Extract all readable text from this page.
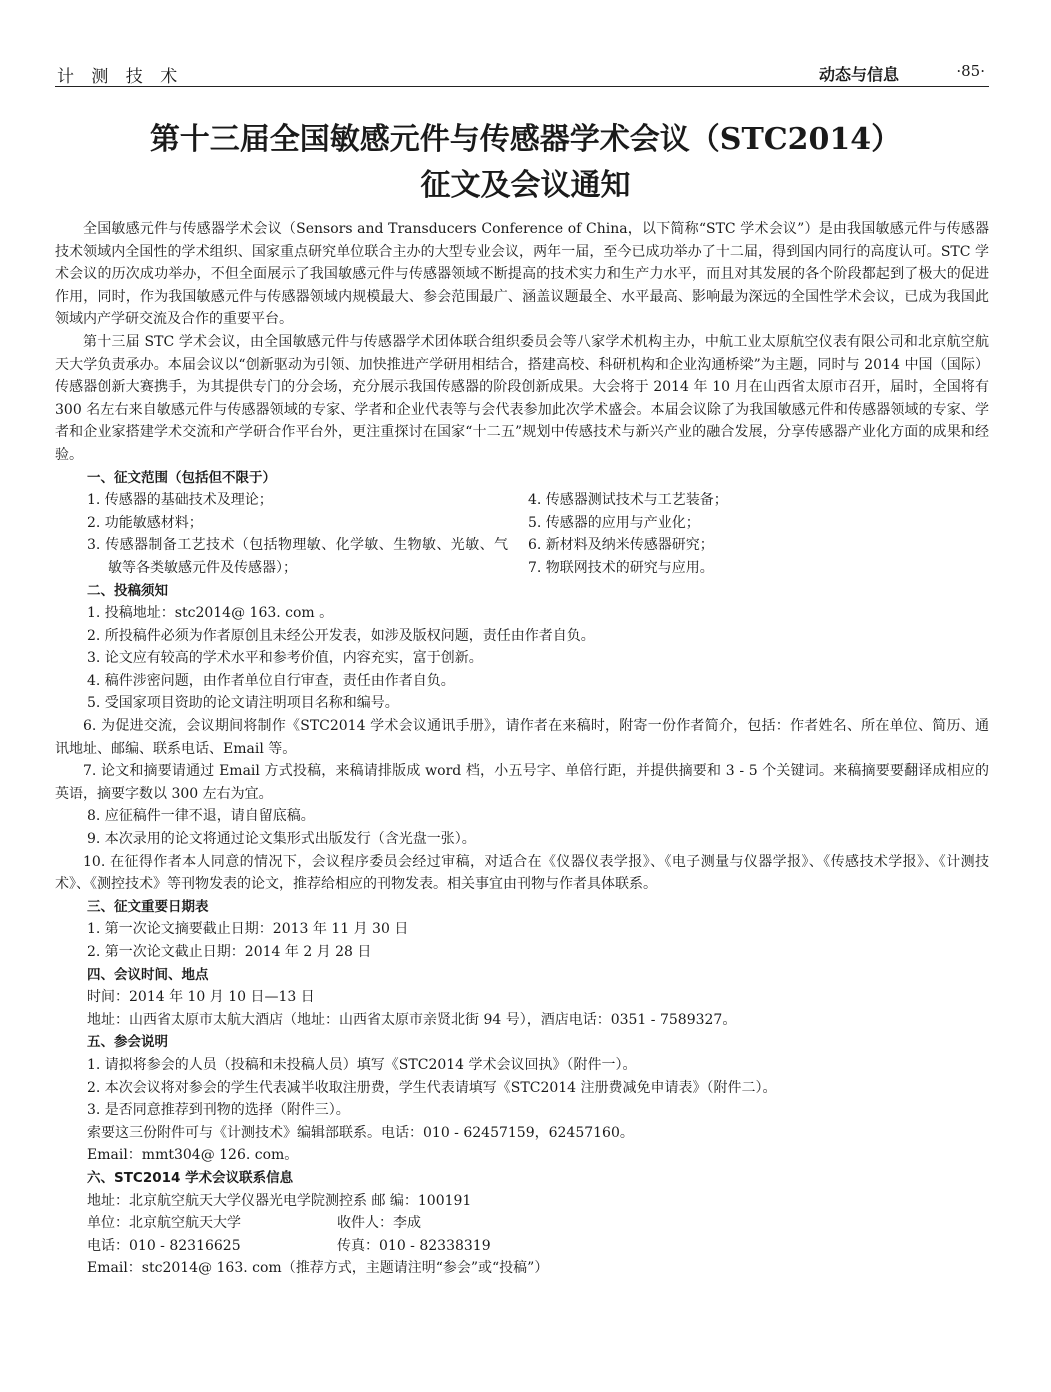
计 测 技 术	动态与信息	·85·
第十三届全国敏感元件与传感器学术会议（STC2014）
征文及会议通知

全国敏感元件与传感器学术会议（Sensors and Transducers Conference of China，以下简称“STC 学术会议”）是由我国敏感元件与传感器技术领域内全国性的学术组织、国家重点研究单位联合主办的大型专业会议，两年一届，至今已成功举办了十二届，得到国内同行的高度认可。STC 学术会议的历次成功举办，不但全面展示了我国敏感元件与传感器领域不断提高的技术实力和生产力水平，而且对其发展的各个阶段都起到了极大的促进作用，同时，作为我国敏感元件与传感器领域内规模最大、参会范围最广、涵盖议题最全、水平最高、影响最为深远的全国性学术会议，已成为我国此领域内产学研交流及合作的重要平台。

第十三届 STC 学术会议，由全国敏感元件与传感器学术团体联合组织委员会等八家学术机构主办，中航工业太原航空仪表有限公司和北京航空航天大学负责承办。本届会议以“创新驱动为引领、加快推进产学研用相结合，搭建高校、科研机构和企业沟通桥梁”为主题，同时与 2014 中国（国际）传感器创新大赛携手，为其提供专门的分会场，充分展示我国传感器的阶段创新成果。大会将于 2014 年 10 月在山西省太原市召开，届时，全国将有 300 名左右来自敏感元件与传感器领域的专家、学者和企业代表等与会代表参加此次学术盛会。本届会议除了为我国敏感元件和传感器领域的专家、学者和企业家搭建学术交流和产学研合作平台外，更注重探讨在国家“十二五”规划中传感技术与新兴产业的融合发展，分享传感器产业化方面的成果和经验。

一、征文范围（包括但不限于）

1. 传感器的基础技术及理论；

2. 功能敏感材料；

3. 传感器制备工艺技术（包括物理敏、化学敏、生物敏、光敏、气敏等各类敏感元件及传感器）；

4. 传感器测试技术与工艺装备；

5. 传感器的应用与产业化；

6. 新材料及纳米传感器研究；

7. 物联网技术的研究与应用。

二、投稿须知

1. 投稿地址：stc2014@ 163. com 。

2. 所投稿件必须为作者原创且未经公开发表，如涉及版权问题，责任由作者自负。

3. 论文应有较高的学术水平和参考价值，内容充实，富于创新。

4. 稿件涉密问题，由作者单位自行审查，责任由作者自负。

5. 受国家项目资助的论文请注明项目名称和编号。

6. 为促进交流，会议期间将制作《STC2014 学术会议通讯手册》，请作者在来稿时，附寄一份作者简介，包括：作者姓名、所在单位、简历、通讯地址、邮编、联系电话、Email 等。

7. 论文和摘要请通过 Email 方式投稿，来稿请排版成 word 档，小五号字、单倍行距，并提供摘要和 3 - 5 个关键词。来稿摘要要翻译成相应的英语，摘要字数以 300 左右为宜。

8. 应征稿件一律不退，请自留底稿。

9. 本次录用的论文将通过论文集形式出版发行（含光盘一张）。

10. 在征得作者本人同意的情况下，会议程序委员会经过审稿，对适合在《仪器仪表学报》、《电子测量与仪器学报》、《传感技术学报》、《计测技术》、《测控技术》等刊物发表的论文，推荐给相应的刊物发表。相关事宜由刊物与作者具体联系。

三、征文重要日期表

1. 第一次论文摘要截止日期：2013 年 11 月 30 日

2. 第一次论文截止日期：2014 年 2 月 28 日

四、会议时间、地点

时间：2014 年 10 月 10 日—13 日

地址：山西省太原市太航大酒店（地址：山西省太原市亲贤北街 94 号），酒店电话：0351 - 7589327。

五、参会说明

1. 请拟将参会的人员（投稿和未投稿人员）填写《STC2014 学术会议回执》（附件一）。

2. 本次会议将对参会的学生代表减半收取注册费，学生代表请填写《STC2014 注册费减免申请表》（附件二）。

3. 是否同意推荐到刊物的选择（附件三）。

索要这三份附件可与《计测技术》编辑部联系。电话：010 - 62457159，62457160。

Email：mmt304@ 126. com。

六、STC2014 学术会议联系信息

地址：北京航空航天大学仪器光电学院测控系 邮 编：100191

单位：北京航空航天大学	收件人：李成

电话：010 - 82316625	传真：010 - 82338319

Email：stc2014@ 163. com（推荐方式，主题请注明“参会”或“投稿”）
